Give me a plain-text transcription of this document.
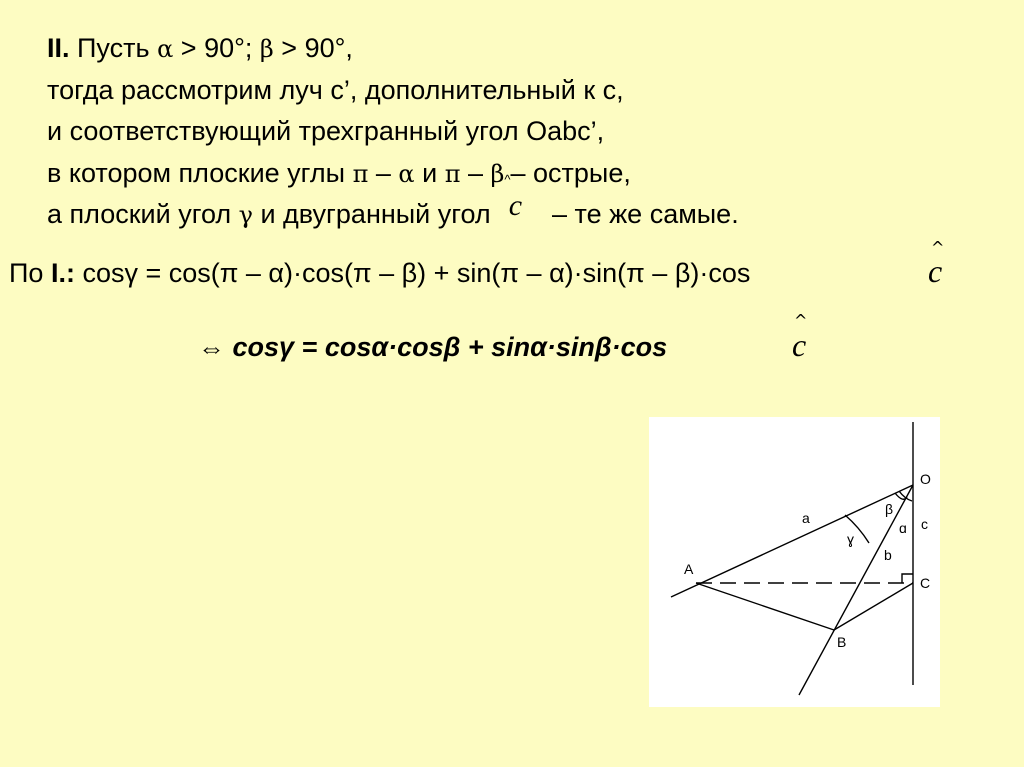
II. Пусть α > 90°; β > 90°,
тогда рассмотрим луч с’, дополнительный к с,
и соответствующий трехгранный угол Oabc’,
в котором плоские углы π – α и π – β^– острые,
а плоский угол γ и двугранный угол c – те же самые.
По I.: cosγ = cos(π – α)·cos(π – β) + sin(π – α)·sin(π – β)·cos
^
c
⇔ cosγ = cosα·cosβ + sinα·sinβ·cos
^
c
O
A
B
C
a
b
c
β
ɣ
ɑ
